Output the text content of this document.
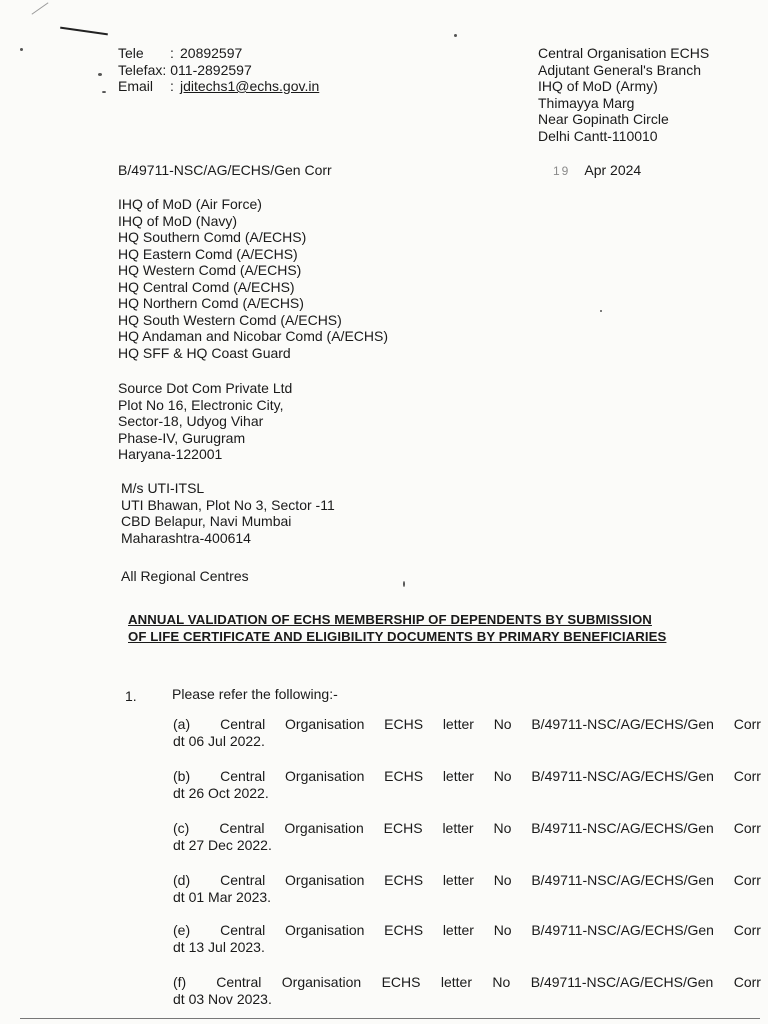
Tele	: 20892597
Telefax: 011-2892597
Email	: jditechs1@echs.gov.in
Central Organisation ECHS
Adjutant General's Branch
IHQ of MoD (Army)
Thimayya Marg
Near Gopinath Circle
Delhi Cantt-110010
B/49711-NSC/AG/ECHS/Gen Corr	19 Apr 2024
IHQ of MoD (Air Force)
IHQ of MoD (Navy)
HQ Southern Comd (A/ECHS)
HQ Eastern Comd (A/ECHS)
HQ Western Comd (A/ECHS)
HQ Central Comd (A/ECHS)
HQ Northern Comd (A/ECHS)
HQ South Western Comd (A/ECHS)
HQ Andaman and Nicobar Comd (A/ECHS)
HQ SFF & HQ Coast Guard
Source Dot Com Private Ltd
Plot No 16, Electronic City,
Sector-18, Udyog Vihar
Phase-IV, Gurugram
Haryana-122001
M/s UTI-ITSL
UTI Bhawan, Plot No 3, Sector -11
CBD Belapur, Navi Mumbai
Maharashtra-400614
All Regional Centres
ANNUAL VALIDATION OF ECHS MEMBERSHIP OF DEPENDENTS BY SUBMISSION
OF LIFE CERTIFICATE AND ELIGIBILITY DOCUMENTS BY PRIMARY BENEFICIARIES
1.	Please refer the following:-
(a) Central Organisation ECHS letter No B/49711-NSC/AG/ECHS/Gen Corr
dt 06 Jul 2022.
(b) Central Organisation ECHS letter No B/49711-NSC/AG/ECHS/Gen Corr
dt 26 Oct 2022.
(c) Central Organisation ECHS letter No B/49711-NSC/AG/ECHS/Gen Corr
dt 27 Dec 2022.
(d) Central Organisation ECHS letter No B/49711-NSC/AG/ECHS/Gen Corr
dt 01 Mar 2023.
(e) Central Organisation ECHS letter No B/49711-NSC/AG/ECHS/Gen Corr
dt 13 Jul 2023.
(f) Central Organisation ECHS letter No B/49711-NSC/AG/ECHS/Gen Corr
dt 03 Nov 2023.
